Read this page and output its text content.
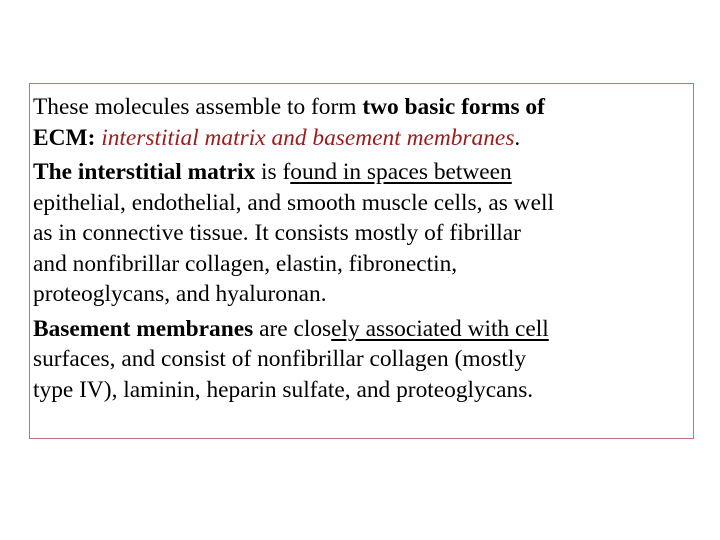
These molecules assemble to form two basic forms of
ECM: interstitial matrix and basement membranes.
The interstitial matrix is found in spaces between
epithelial, endothelial, and smooth muscle cells, as well
as in connective tissue. It consists mostly of fibrillar
and nonfibrillar collagen, elastin, fibronectin,
proteoglycans, and hyaluronan.
Basement membranes are closely associated with cell
surfaces, and consist of nonfibrillar collagen (mostly
type IV), laminin, heparin sulfate, and proteoglycans.
